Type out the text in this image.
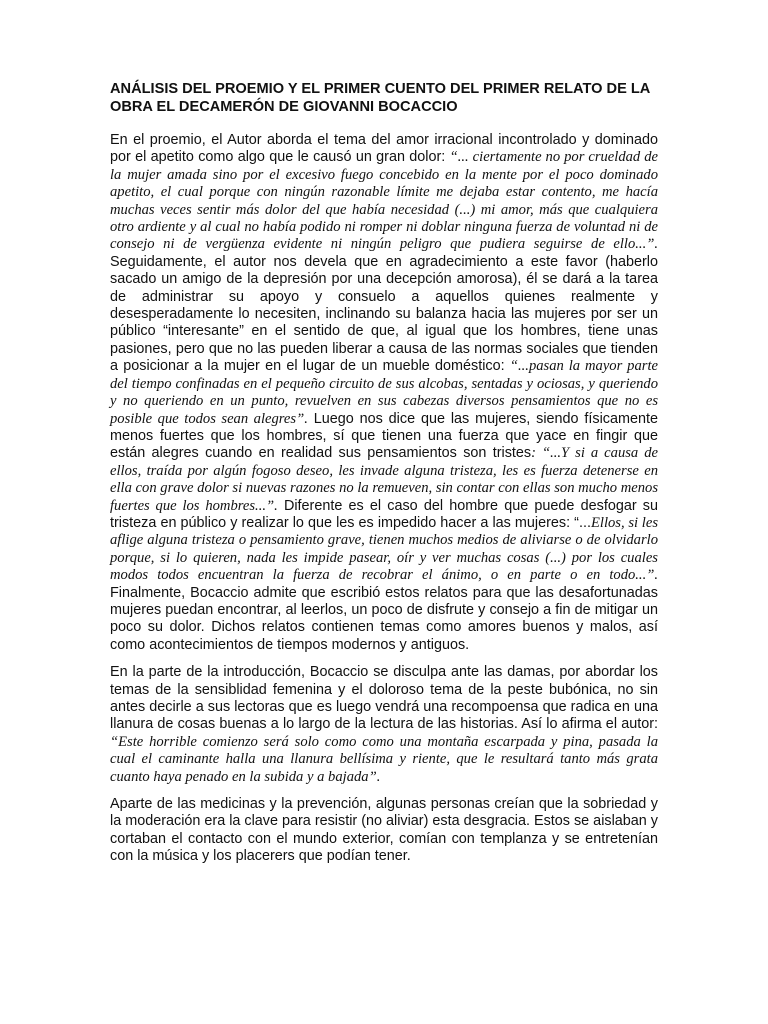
ANÁLISIS DEL PROEMIO Y EL PRIMER CUENTO DEL PRIMER RELATO DE LA OBRA EL DECAMERÓN DE GIOVANNI BOCACCIO

En el proemio, el Autor aborda el tema del amor irracional incontrolado y dominado por el apetito como algo que le causó un gran dolor: “... ciertamente no por crueldad de la mujer amada sino por el excesivo fuego concebido en la mente por el poco dominado apetito, el cual porque con ningún razonable límite me dejaba estar contento, me hacía muchas veces sentir más dolor del que había necesidad (...) mi amor, más que cualquiera otro ardiente y al cual no había podido ni romper ni doblar ninguna fuerza de voluntad ni de consejo ni de vergüenza evidente ni ningún peligro que pudiera seguirse de ello...”. Seguidamente, el autor nos devela que en agradecimiento a este favor (haberlo sacado un amigo de la depresión por una decepción amorosa), él se dará a la tarea de administrar su apoyo y consuelo a aquellos quienes realmente y desesperadamente lo necesiten, inclinando su balanza hacia las mujeres por ser un público “interesante” en el sentido de que, al igual que los hombres, tiene unas pasiones, pero que no las pueden liberar a causa de las normas sociales que tienden a posicionar a la mujer en el lugar de un mueble doméstico: “...pasan la mayor parte del tiempo confinadas en el pequeño circuito de sus alcobas, sentadas y ociosas, y queriendo y no queriendo en un punto, revuelven en sus cabezas diversos pensamientos que no es posible que todos sean alegres”. Luego nos dice que las mujeres, siendo físicamente menos fuertes que los hombres, sí que tienen una fuerza que yace en fingir que están alegres cuando en realidad sus pensamientos son tristes: “...Y si a causa de ellos, traída por algún fogoso deseo, les invade alguna tristeza, les es fuerza detenerse en ella con grave dolor si nuevas razones no la remueven, sin contar con ellas son mucho menos fuertes que los hombres...”. Diferente es el caso del hombre que puede desfogar su tristeza en público y realizar lo que les es impedido hacer a las mujeres: “...Ellos, si les aflige alguna tristeza o pensamiento grave, tienen muchos medios de aliviarse o de olvidarlo porque, si lo quieren, nada les impide pasear, oír y ver muchas cosas (...) por los cuales modos todos encuentran la fuerza de recobrar el ánimo, o en parte o en todo...”. Finalmente, Bocaccio admite que escribió estos relatos para que las desafortunadas mujeres puedan encontrar, al leerlos, un poco de disfrute y consejo a fin de mitigar un poco su dolor. Dichos relatos contienen temas como amores buenos y malos, así como acontecimientos de tiempos modernos y antiguos.

En la parte de la introducción, Bocaccio se disculpa ante las damas, por abordar los temas de la sensiblidad femenina y el doloroso tema de la peste bubónica, no sin antes decirle a sus lectoras que es luego vendrá una recompoensa que radica en una llanura de cosas buenas a lo largo de la lectura de las historias. Así lo afirma el autor: “Este horrible comienzo será solo como como una montaña escarpada y pina, pasada la cual el caminante halla una llanura bellísima y riente, que le resultará tanto más grata cuanto haya penado en la subida y a bajada”.

Aparte de las medicinas y la prevención, algunas personas creían que la sobriedad y la moderación era la clave para resistir (no aliviar) esta desgracia. Estos se aislaban y cortaban el contacto con el mundo exterior, comían con templanza y se entretenían con la música y los placerers que podían tener.
